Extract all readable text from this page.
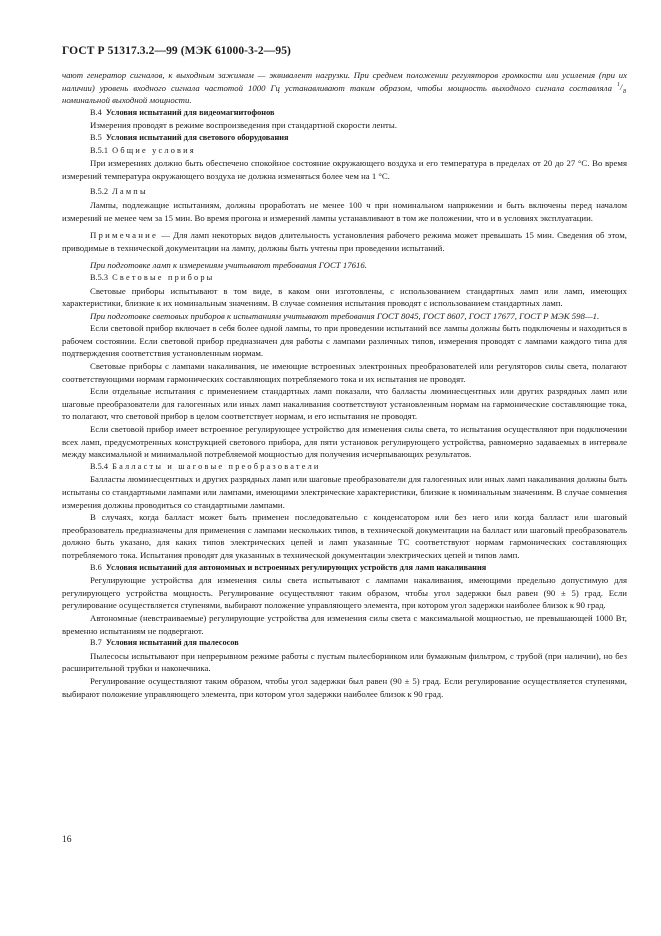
ГОСТ Р 51317.3.2—99 (МЭК 61000-3-2—95)

чают генератор сигналов, к выходным зажимам — эквивалент нагрузки. При среднем положении регуляторов громкости или усиления (при их наличии) уровень входного сигнала частотой 1000 Гц устанавливают таким образом, чтобы мощность выходного сигнала составляла 1 / 8
номинальной выходной мощности.

В.4 Условия испытаний для видеомагнитофонов

Измерения проводят в режиме воспроизведения при стандартной скорости ленты.

В.5 Условия испытаний для светового оборудования

В.5.1 Общие условия

При измерениях должно быть обеспечено спокойное состояние окружающего воздуха и его температура в пределах от 20 до 27 °С. Во время измерений температура окружающего воздуха не должна изменяться более чем на 1 °С.

В.5.2 Лампы

Лампы, подлежащие испытаниям, должны проработать не менее 100 ч при номинальном напряжении и быть включены перед началом измерений не менее чем за 15 мин. Во время прогона и измерений лампы устанавливают в том же положении, что и в условиях эксплуатации.

Примечание — Для ламп некоторых видов длительность установления рабочего режима может превышать 15 мин. Сведения об этом, приводимые в технической документации на лампу, должны быть учтены при проведении испытаний.

При подготовке ламп к измерениям учитывают требования ГОСТ 17616.

В.5.3 Световые приборы

Световые приборы испытывают в том виде, в каком они изготовлены, с использованием стандартных ламп или ламп, имеющих характеристики, близкие к их номинальным значениям. В случае сомнения испытания проводят с использованием стандартных ламп.

При подготовке световых приборов к испытаниям учитывают требования ГОСТ 8045, ГОСТ 8607, ГОСТ 17677, ГОСТ Р МЭК 598—1.

Если световой прибор включает в себя более одной лампы, то при проведении испытаний все лампы должны быть подключены и находиться в рабочем состоянии. Если световой прибор предназначен для работы с лампами различных типов, измерения проводят с лампами каждого типа для подтверждения соответствия установленным нормам.

Световые приборы с лампами накаливания, не имеющие встроенных электронных преобразователей или регуляторов силы света, полагают соответствующими нормам гармонических составляющих потребляемого тока и их испытания не проводят.

Если отдельные испытания с применением стандартных ламп показали, что балласты люминесцентных или других разрядных ламп или шаговые преобразователи для галогенных или иных ламп накаливания соответствуют установленным нормам на гармонические составляющие тока, то полагают, что световой прибор в целом соответствует нормам, и его испытания не проводят.

Если световой прибор имеет встроенное регулирующее устройство для изменения силы света, то испытания осуществляют при подключении всех ламп, предусмотренных конструкцией светового прибора, для пяти установок регулирующего устройства, равномерно задаваемых в интервале между максимальной и минимальной потребляемой мощностью для получения исчерпывающих результатов.

В.5.4 Балласты и шаговые преобразователи

Балласты люминесцентных и других разрядных ламп или шаговые преобразователи для галогенных или иных ламп накаливания должны быть испытаны со стандартными лампами или лампами, имеющими электрические характеристики, близкие к номинальным значениям. В случае сомнения измерения должны проводиться со стандартными лампами.

В случаях, когда балласт может быть применен последовательно с конденсатором или без него или когда балласт или шаговый преобразователь предназначены для применения с лампами нескольких типов, в технической документации на балласт или шаговый преобразователь должно быть указано, для каких типов электрических цепей и ламп указанные ТС соответствуют нормам гармонических составляющих потребляемого тока. Испытания проводят для указанных в технической документации электрических цепей и типов ламп.

В.6 Условия испытаний для автономных и встроенных регулирующих устройств для ламп накаливания

Регулирующие устройства для изменения силы света испытывают с лампами накаливания, имеющими предельно допустимую для регулирующего устройства мощность. Регулирование осуществляют таким образом, чтобы угол задержки был равен (90 ± 5) град. Если регулирование осуществляется ступенями, выбирают положение управляющего элемента, при котором угол задержки наиболее близок к 90 град.

Автономные (невстраиваемые) регулирующие устройства для изменения силы света с максимальной мощностью, не превышающей 1000 Вт, временно испытаниям не подвергают.

В.7 Условия испытаний для пылесосов

Пылесосы испытывают при непрерывном режиме работы с пустым пылесборником или бумажным фильтром, с трубой (при наличии), но без расширительной трубки и наконечника.

Регулирование осуществляют таким образом, чтобы угол задержки был равен (90 ± 5) град. Если регулирование осуществляется ступенями, выбирают положение управляющего элемента, при котором угол задержки наиболее близок к 90 град.

16
